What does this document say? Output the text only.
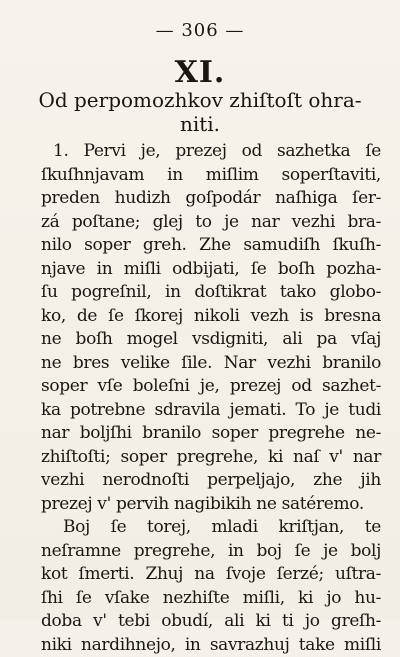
— 306 —
XI.
Od perpomozhkov zhiſtoſt ohra-
niti.
1. Pervi je, prezej od sazhetka ſe
ſkuſhnjavam in miſlim soperſtaviti,
preden hudizh goſpodár naſhiga ſer-
zá poſtane; glej to je nar vezhi bra-
nilo soper greh. Zhe samudiſh ſkuſh-
njave in miſli odbijati, ſe boſh pozha-
ſu pogreſnil, in doſtikrat tako globo-
ko, de ſe ſkorej nikoli vezh is bresna
ne boſh mogel vsdigniti, ali pa vſaj
ne bres velike ſile. Nar vezhi branilo
soper vſe boleſni je, prezej od sazhet-
ka potrebne sdravila jemati. To je tudi
nar boljſhi branilo soper pregrehe ne-
zhiſtoſti; soper pregrehe, ki naſ v' nar
vezhi nerodnoſti perpeljajo, zhe jih
prezej v' pervih nagibikih ne satéremo.
Boj ſe torej, mladi kriſtjan, te
neſramne pregrehe, in boj ſe je bolj
kot ſmerti. Zhuj na ſvoje ſerzé; uſtra-
ſhi ſe vſake nezhiſte miſli, ki jo hu-
doba v' tebi obudí, ali ki ti jo greſh-
niki nardihnejo, in savrazhuj take miſli
